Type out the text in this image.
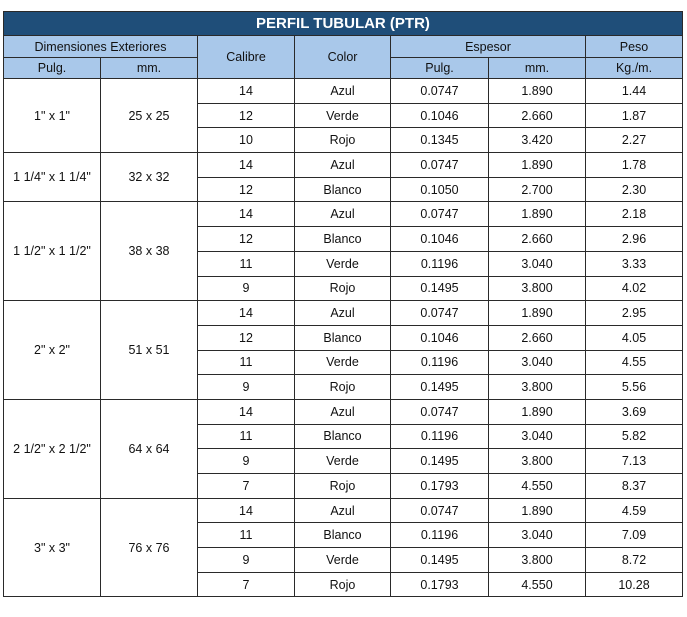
PERFIL TUBULAR (PTR)						
Dimensiones Exteriores		Calibre	Color	Espesor		Peso
Pulg.	mm.			Pulg.	mm.	Kg./m.
1" x 1"	25 x 25	14	Azul	0.0747	1.890	1.44
		12	Verde	0.1046	2.660	1.87
		10	Rojo	0.1345	3.420	2.27
1 1/4" x 1 1/4"	32 x 32	14	Azul	0.0747	1.890	1.78
		12	Blanco	0.1050	2.700	2.30
1 1/2" x 1 1/2"	38 x 38	14	Azul	0.0747	1.890	2.18
		12	Blanco	0.1046	2.660	2.96
		11	Verde	0.1196	3.040	3.33
		9	Rojo	0.1495	3.800	4.02
2" x 2"	51 x 51	14	Azul	0.0747	1.890	2.95
		12	Blanco	0.1046	2.660	4.05
		11	Verde	0.1196	3.040	4.55
		9	Rojo	0.1495	3.800	5.56
2 1/2" x 2 1/2"	64 x 64	14	Azul	0.0747	1.890	3.69
		11	Blanco	0.1196	3.040	5.82
		9	Verde	0.1495	3.800	7.13
		7	Rojo	0.1793	4.550	8.37
3" x 3"	76 x 76	14	Azul	0.0747	1.890	4.59
		11	Blanco	0.1196	3.040	7.09
		9	Verde	0.1495	3.800	8.72
		7	Rojo	0.1793	4.550	10.28
